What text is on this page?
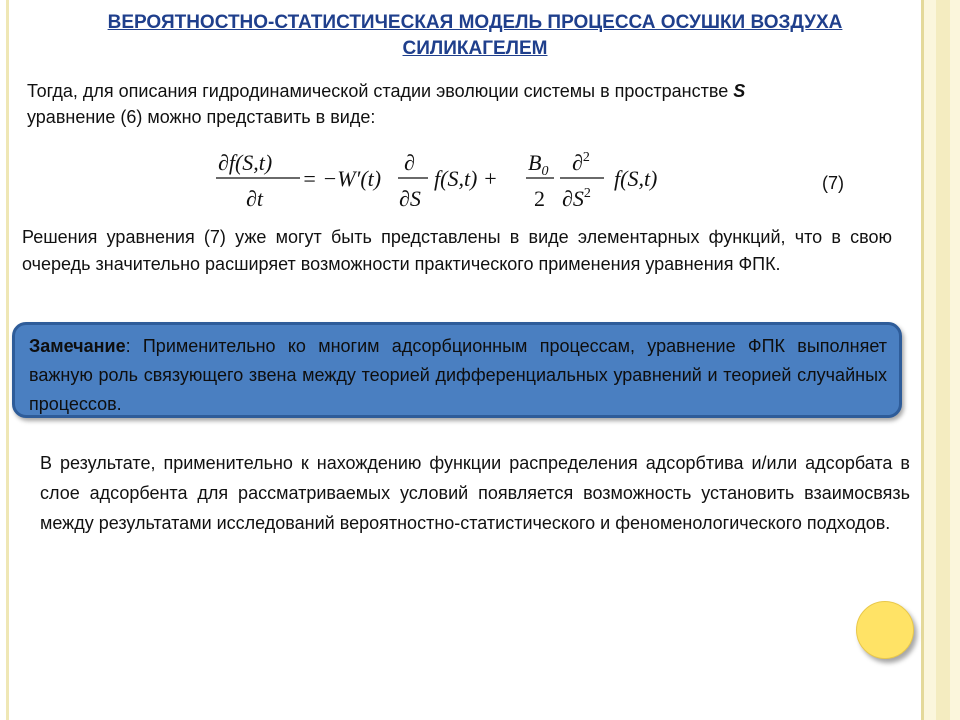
ВЕРОЯТНОСТНО-СТАТИСТИЧЕСКАЯ МОДЕЛЬ ПРОЦЕССА ОСУШКИ ВОЗДУХА
СИЛИКАГЕЛЕМ
Тогда, для описания гидродинамической стадии эволюции системы в пространстве S
уравнение (6) можно представить в виде:
∂f(S,t)
∂t
= −W′(t)
∂
∂S
f(S,t) +
$B_0$
2
∂$^2$
$\partial S^2$
f(S,t)	(7)
Решения уравнения (7) уже могут быть представлены в виде элементарных функций, что в свою очередь значительно расширяет возможности практического применения уравнения ФПК.
Замечание: Применительно ко многим адсорбционным процессам, уравнение ФПК выполняет важную роль связующего звена между теорией дифференциальных уравнений и теорией случайных процессов.
В результате, применительно к нахождению функции распределения адсорбтива и/или адсорбата в слое адсорбента для рассматриваемых условий появляется возможность установить взаимосвязь между результатами исследований вероятностно-статистического и феноменологического подходов.
